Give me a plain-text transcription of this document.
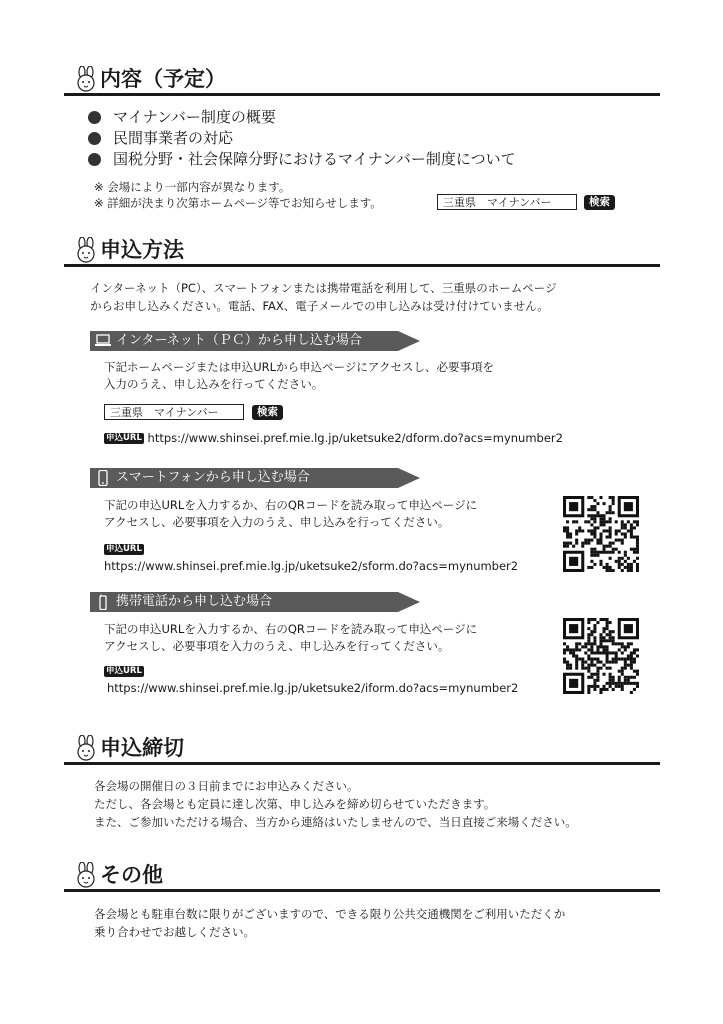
内容（予定）
マイナンバー制度の概要
民間事業者の対応
国税分野・社会保障分野におけるマイナンバー制度について
※ 会場により一部内容が異なります。
※ 詳細が決まり次第ホームページ等でお知らせします。	三重県　マイナンバー	検索
申込方法
インターネット（PC）、スマートフォンまたは携帯電話を利用して、三重県のホームページ
からお申し込みください。電話、FAX、電子メールでの申し込みは受け付けていません。
インターネット（ＰＣ）から申し込む場合
下記ホームページまたは申込URLから申込ページにアクセスし、必要事項を
入力のうえ、申し込みを行ってください。
三重県　マイナンバー	検索
申込URL https://www.shinsei.pref.mie.lg.jp/uketsuke2/dform.do?acs=mynumber2
スマートフォンから申し込む場合
下記の申込URLを入力するか、右のQRコードを読み取って申込ページに
アクセスし、必要事項を入力のうえ、申し込みを行ってください。
申込URL
https://www.shinsei.pref.mie.lg.jp/uketsuke2/sform.do?acs=mynumber2
携帯電話から申し込む場合
下記の申込URLを入力するか、右のQRコードを読み取って申込ページに
アクセスし、必要事項を入力のうえ、申し込みを行ってください。
申込URL
https://www.shinsei.pref.mie.lg.jp/uketsuke2/iform.do?acs=mynumber2
申込締切
各会場の開催日の３日前までにお申込みください。
ただし、各会場とも定員に達し次第、申し込みを締め切らせていただきます。
また、ご参加いただける場合、当方から連絡はいたしませんので、当日直接ご来場ください。
その他
各会場とも駐車台数に限りがございますので、できる限り公共交通機関をご利用いただくか
乗り合わせでお越しください。
